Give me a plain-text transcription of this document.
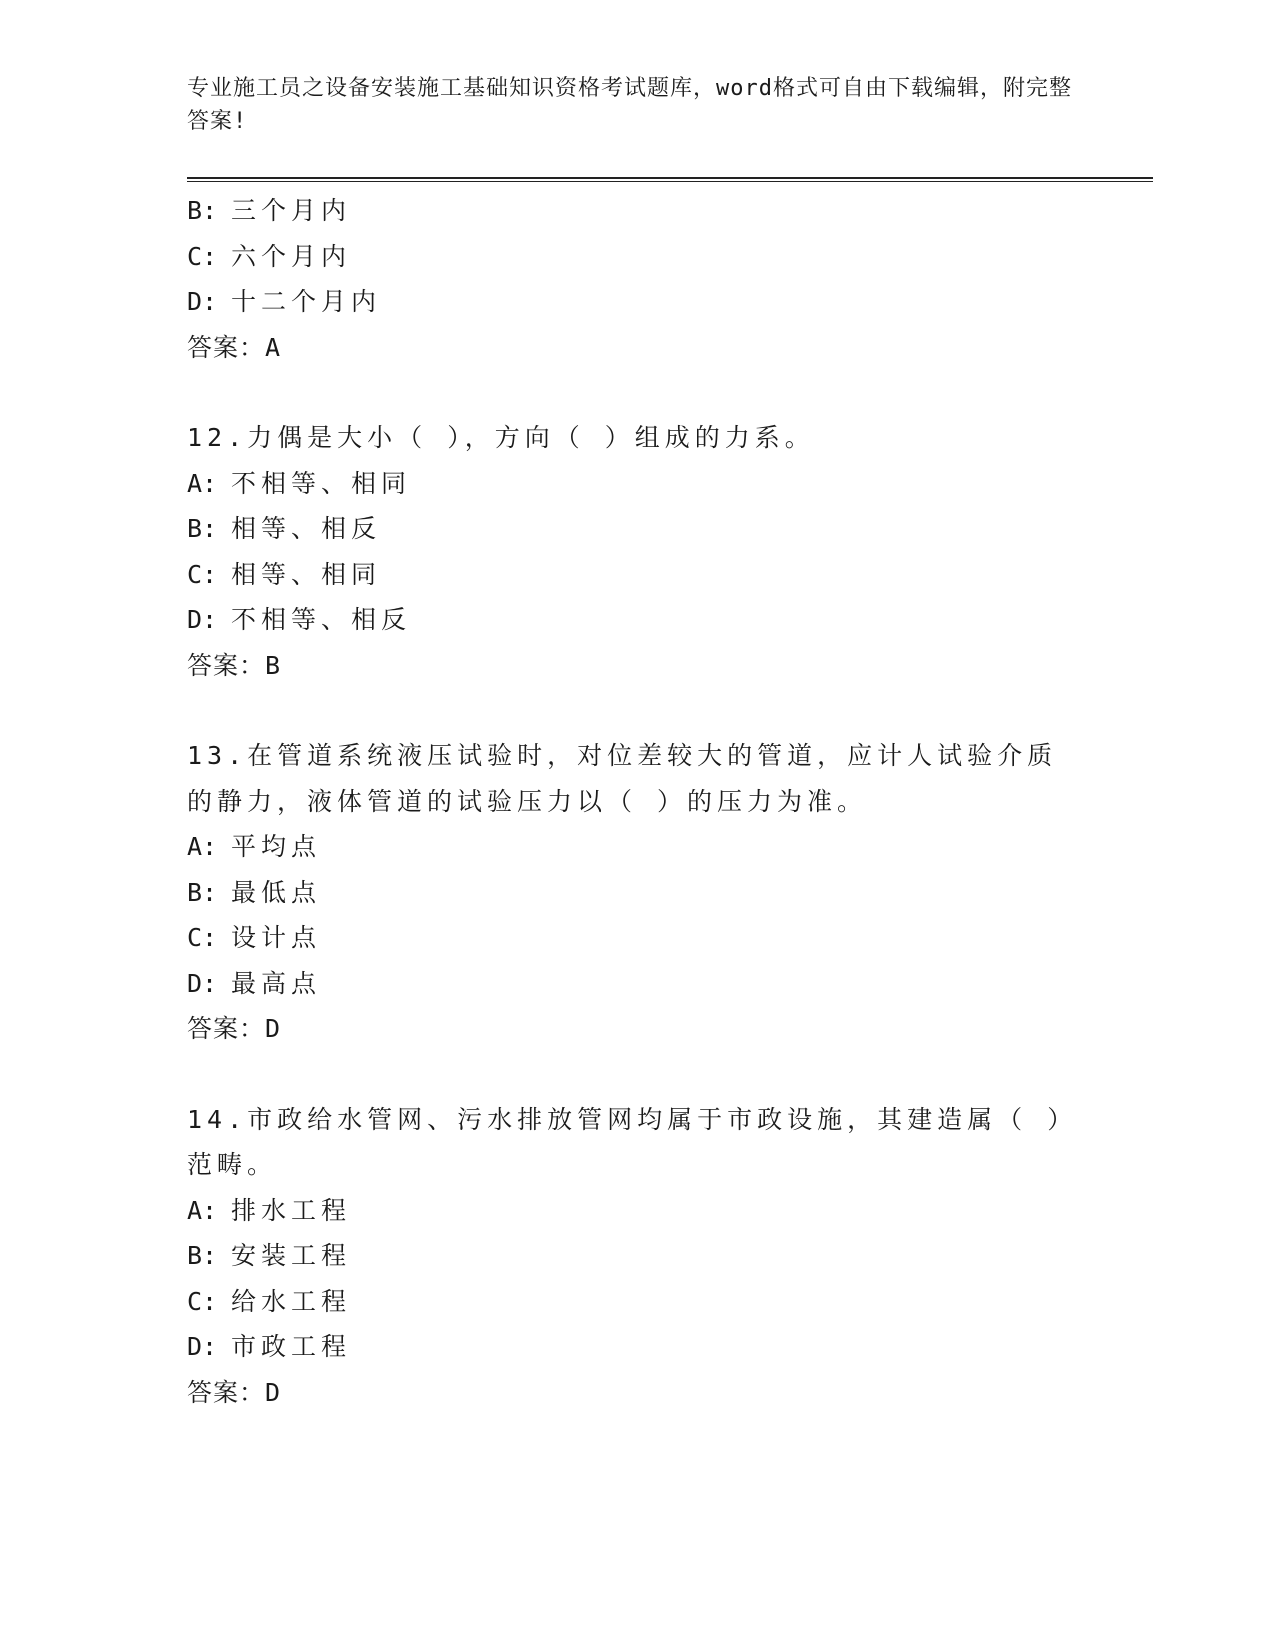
专业施工员之设备安装施工基础知识资格考试题库，word格式可自由下载编辑，附完整答案!
B: 三个月内
C: 六个月内
D: 十二个月内
答案：A
12.力偶是大小（ ），方向（ ）组成的力系。
A: 不相等、相同
B: 相等、相反
C: 相等、相同
D: 不相等、相反
答案：B
13.在管道系统液压试验时，对位差较大的管道，应计人试验介质的静力，液体管道的试验压力以（ ）的压力为准。
A: 平均点
B: 最低点
C: 设计点
D: 最高点
答案：D
14.市政给水管网、污水排放管网均属于市政设施，其建造属（ ）范畴。
A: 排水工程
B: 安装工程
C: 给水工程
D: 市政工程
答案：D
